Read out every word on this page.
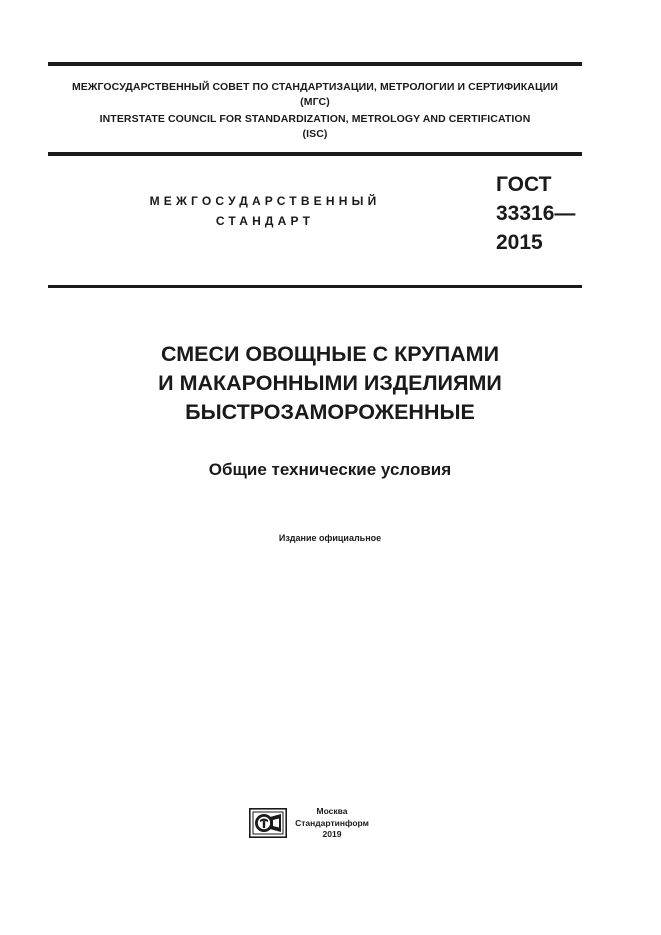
МЕЖГОСУДАРСТВЕННЫЙ СОВЕТ ПО СТАНДАРТИЗАЦИИ, МЕТРОЛОГИИ И СЕРТИФИКАЦИИ
(МГС)
INTERSTATE COUNCIL FOR STANDARDIZATION, METROLOGY AND CERTIFICATION
(ISC)
МЕЖГОСУДАРСТВЕННЫЙ
СТАНДАРТ
ГОСТ
33316—
2015
СМЕСИ ОВОЩНЫЕ С КРУПАМИ
И МАКАРОННЫМИ ИЗДЕЛИЯМИ
БЫСТРОЗАМОРОЖЕННЫЕ
Общие технические условия
Издание официальное
Москва
Стандартинформ
2019
